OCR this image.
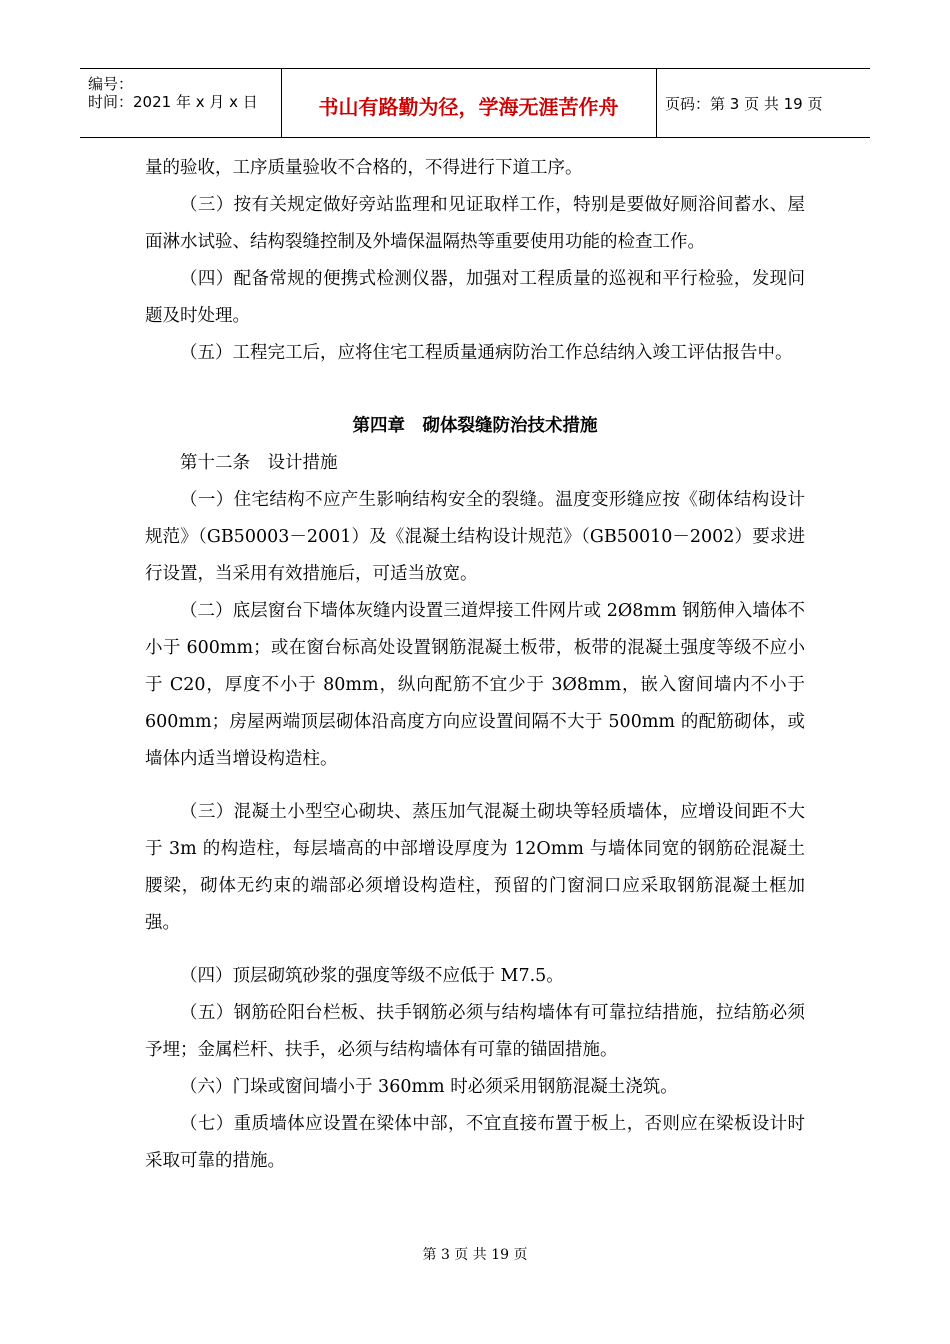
编号：
时间：2021 年 x 月 x 日	书山有路勤为径，学海无涯苦作舟	页码：第 3 页 共 19 页

量的验收，工序质量验收不合格的，不得进行下道工序。

（三）按有关规定做好旁站监理和见证取样工作，特别是要做好厕浴间蓄水、屋面淋水试验、结构裂缝控制及外墙保温隔热等重要使用功能的检查工作。

（四）配备常规的便携式检测仪器，加强对工程质量的巡视和平行检验，发现问题及时处理。

（五）工程完工后，应将住宅工程质量通病防治工作总结纳入竣工评估报告中。

第四章　砌体裂缝防治技术措施

第十二条　设计措施

（一）住宅结构不应产生影响结构安全的裂缝。温度变形缝应按《砌体结构设计规范》（GB50003－2001）及《混凝土结构设计规范》（GB50010－2002）要求进行设置，当采用有效措施后，可适当放宽。

（二）底层窗台下墙体灰缝内设置三道焊接工件网片或 2Ø8mm 钢筋伸入墙体不小于 600mm；或在窗台标高处设置钢筋混凝土板带，板带的混凝土强度等级不应小于 C20，厚度不小于 80mm，纵向配筋不宜少于 3Ø8mm，嵌入窗间墙内不小于 600mm；房屋两端顶层砌体沿高度方向应设置间隔不大于 500mm 的配筋砌体，或墙体内适当增设构造柱。

（三）混凝土小型空心砌块、蒸压加气混凝土砌块等轻质墙体，应增设间距不大于 3m 的构造柱，每层墙高的中部增设厚度为 12Omm 与墙体同宽的钢筋砼混凝土腰梁，砌体无约束的端部必须增设构造柱，预留的门窗洞口应采取钢筋混凝土框加强。

（四）顶层砌筑砂浆的强度等级不应低于 M7.5。

（五）钢筋砼阳台栏板、扶手钢筋必须与结构墙体有可靠拉结措施，拉结筋必须予埋；金属栏杆、扶手，必须与结构墙体有可靠的锚固措施。

（六）门垛或窗间墙小于 360mm 时必须采用钢筋混凝土浇筑。

（七）重质墙体应设置在梁体中部，不宜直接布置于板上，否则应在梁板设计时采取可靠的措施。

第 3 页 共 19 页
